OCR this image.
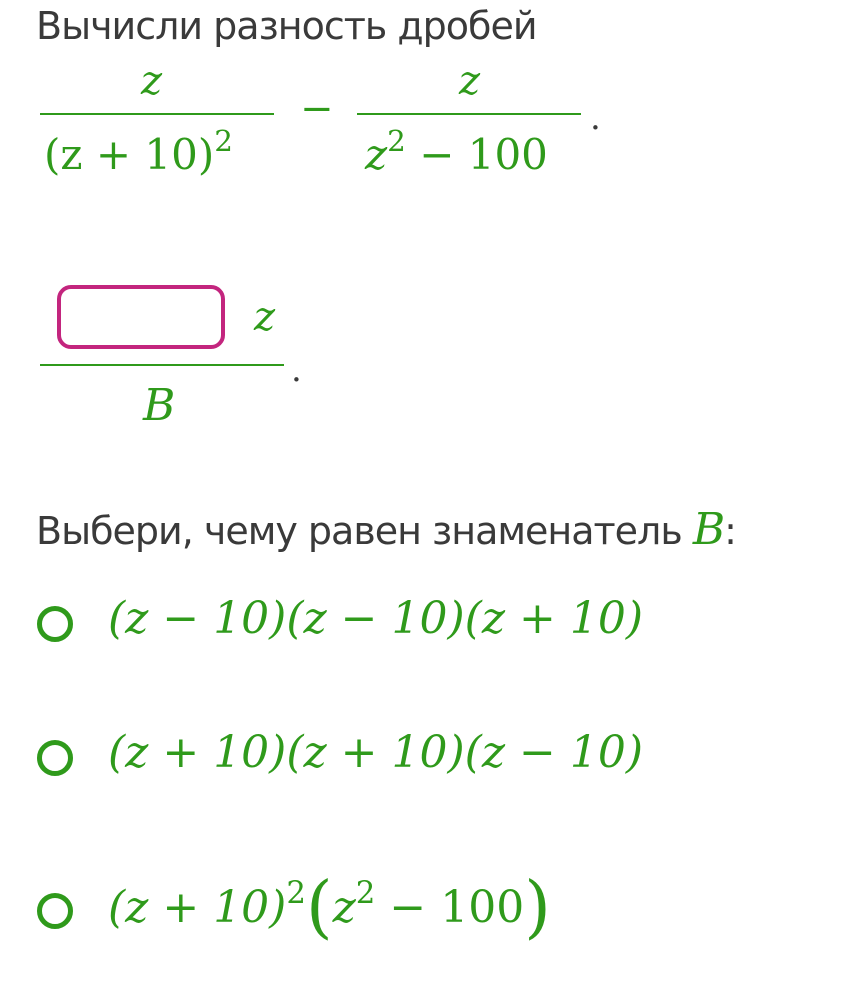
Вычисли разность дробей
z
$(z + 10)^2$
−
z
$z^2 - 100$
.
z
B
.
Выбери, чему равен знаменатель B:
(z − 10)(z − 10)(z + 10)
(z + 10)(z + 10)(z − 10)
$(z + 10)^2(z^2 - 100)$
